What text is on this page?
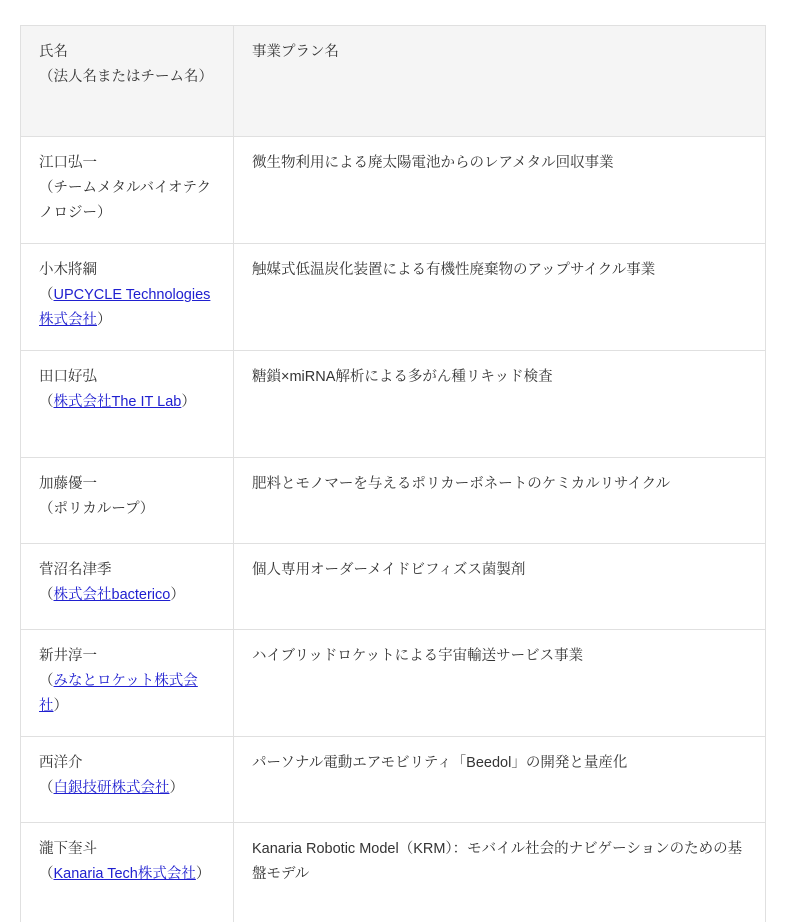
氏名
（法人名またはチーム名）	事業プラン名
江口弘一
（チームメタルバイオテクノロジー）	微生物利用による廃太陽電池からのレアメタル回収事業
小木將綱
（UPCYCLE Technologies株式会社）	触媒式低温炭化装置による有機性廃棄物のアップサイクル事業
田口好弘
（株式会社The IT Lab）	糖鎖×miRNA解析による多がん種リキッド検査
加藤優一
（ポリカループ）	肥料とモノマーを与えるポリカーボネートのケミカルリサイクル
菅沼名津季
（株式会社bacterico）	個人専用オーダーメイドビフィズス菌製剤
新井淳一
（みなとロケット株式会社）	ハイブリッドロケットによる宇宙輸送サービス事業
西洋介
（白銀技研株式会社）	パーソナル電動エアモビリティ「Beedol」の開発と量産化
瀧下奎斗
（Kanaria Tech株式会社）	Kanaria Robotic Model（KRM）：モバイル社会的ナビゲーションのための基盤モデル
